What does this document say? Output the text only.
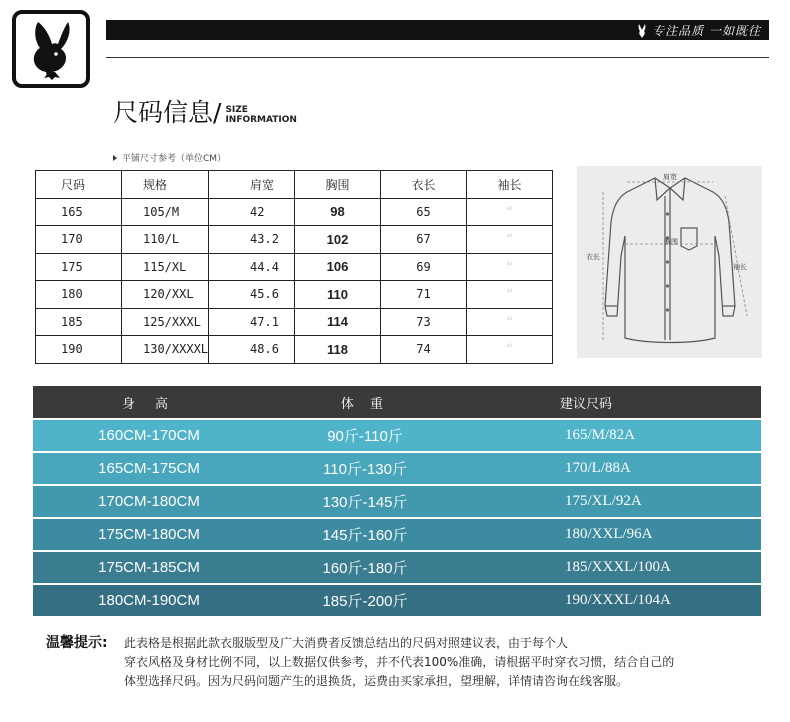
专注品质 一如既往
尺码信息/ SIZE
INFORMATION
平铺尺寸参考（单位CM）
尺码	规格	肩宽	胸围	衣长	袖长
165	105/M	42	98	65	“
170	110/L	43.2	102	67	“
175	115/XL	44.4	106	69	“
180	120/XXL	45.6	110	71	“
185	125/XXXL	47.1	114	73	“
190	130/XXXXL	48.6	118	74	“
肩宽
胸围
衣长
袖长
身 高	体 重	建议尺码
160CM-170CM	90斤-110斤	165/M/82A
165CM-175CM	110斤-130斤	170/L/88A
170CM-180CM	130斤-145斤	175/XL/92A
175CM-180CM	145斤-160斤	180/XXL/96A
175CM-185CM	160斤-180斤	185/XXXL/100A
180CM-190CM	185斤-200斤	190/XXXL/104A
温馨提示: 此表格是根据此款衣服版型及广大消费者反馈总结出的尺码对照建议表，由于每个人
穿衣风格及身材比例不同，以上数据仅供参考，并不代表100%准确，请根据平时穿衣习惯，结合自己的
体型选择尺码。因为尺码问题产生的退换货，运费由买家承担，望理解，详情请咨询在线客服。
